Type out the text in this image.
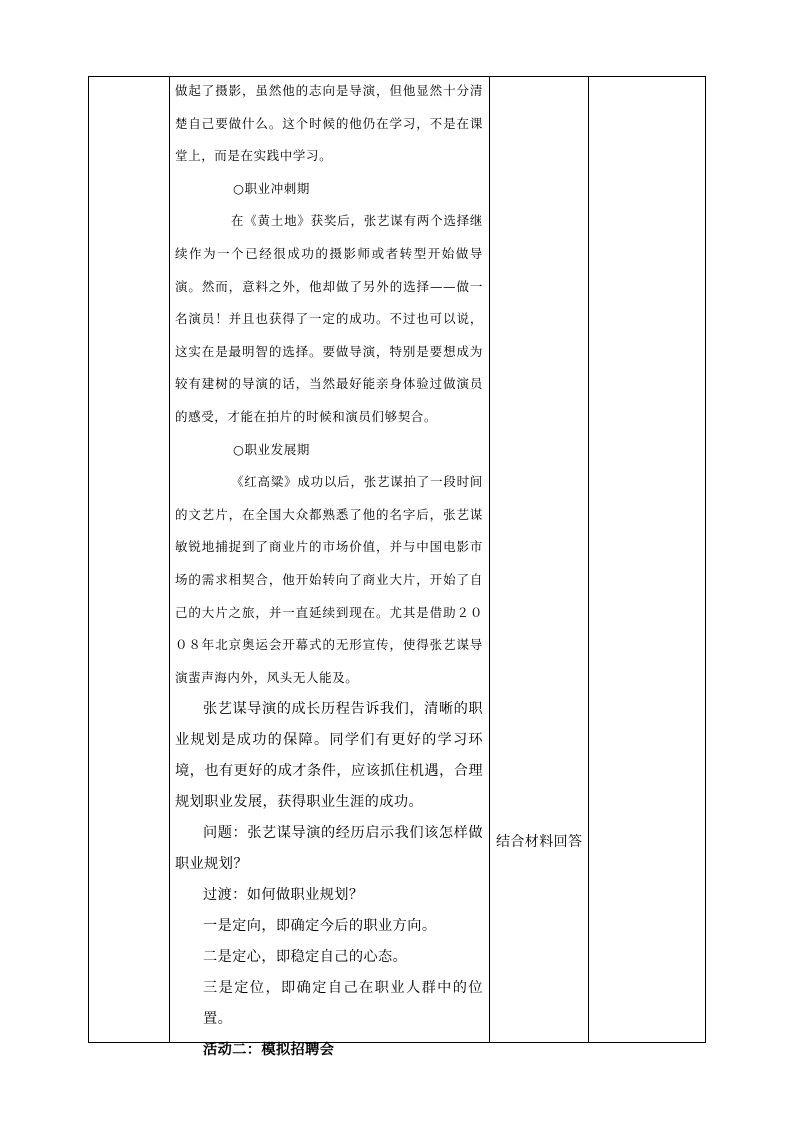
做起了摄影，虽然他的志向是导演，但他显然十分清楚自己要做什么。这个时候的他仍在学习，不是在课堂上，而是在实践中学习。

○职业冲刺期

在《黄土地》获奖后，张艺谋有两个选择继续作为一个已经很成功的摄影师或者转型开始做导演。然而，意料之外，他却做了另外的选择——做一名演员！并且也获得了一定的成功。不过也可以说，这实在是最明智的选择。要做导演，特别是要想成为较有建树的导演的话，当然最好能亲身体验过做演员的感受，才能在拍片的时候和演员们够契合。

○职业发展期

《红高粱》成功以后，张艺谋拍了一段时间的文艺片，在全国大众都熟悉了他的名字后，张艺谋敏锐地捕捉到了商业片的市场价值，并与中国电影市场的需求相契合，他开始转向了商业大片，开始了自己的大片之旅，并一直延续到现在。尤其是借助２００８年北京奥运会开幕式的无形宣传，使得张艺谋导演蜚声海内外，风头无人能及。

张艺谋导演的成长历程告诉我们，清晰的职业规划是成功的保障。同学们有更好的学习环境，也有更好的成才条件，应该抓住机遇，合理规划职业发展，获得职业生涯的成功。

问题：张艺谋导演的经历启示我们该怎样做职业规划？

过渡：如何做职业规划？

一是定向，即确定今后的职业方向。

二是定心，即稳定自己的心态。

三是定位，即确定自己在职业人群中的位置。

活动二：模拟招聘会

结合材料回答
